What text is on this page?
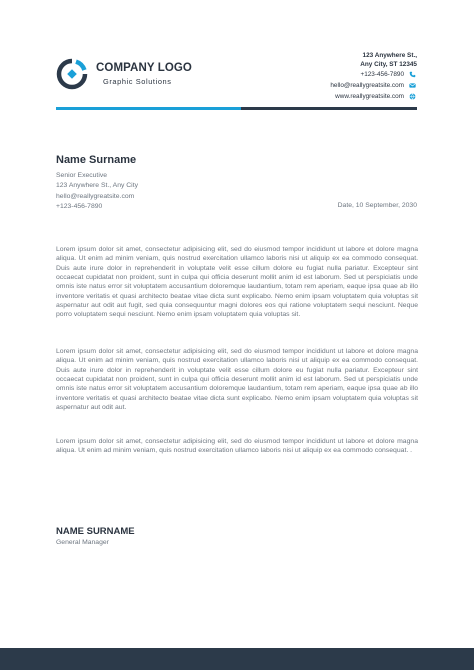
COMPANY LOGO
Graphic Solutions
123 Anywhere St.,
Any City, ST 12345
+123-456-7890
hello@reallygreatsite.com
www.reallygreatsite.com
Name Surname
Senior Executive
123 Anywhere St., Any City
hello@reallygreatsite.com
+123-456-7890	Date, 10 September, 2030

Lorem ipsum dolor sit amet, consectetur adipisicing elit, sed do eiusmod tempor incididunt ut labore et dolore magna aliqua. Ut enim ad minim veniam, quis nostrud exercitation ullamco laboris nisi ut aliquip ex ea commodo consequat. Duis aute irure dolor in reprehenderit in voluptate velit esse cillum dolore eu fugiat nulla pariatur. Excepteur sint occaecat cupidatat non proident, sunt in culpa qui officia deserunt mollit anim id est laborum. Sed ut perspiciatis unde omnis iste natus error sit voluptatem accusantium doloremque laudantium, totam rem aperiam, eaque ipsa quae ab illo inventore veritatis et quasi architecto beatae vitae dicta sunt explicabo. Nemo enim ipsam voluptatem quia voluptas sit aspernatur aut odit aut fugit, sed quia consequuntur magni dolores eos qui ratione voluptatem sequi nesciunt. Neque porro voluptatem sequi nesciunt. Nemo enim ipsam voluptatem quia voluptas sit.

Lorem ipsum dolor sit amet, consectetur adipisicing elit, sed do eiusmod tempor incididunt ut labore et dolore magna aliqua. Ut enim ad minim veniam, quis nostrud exercitation ullamco laboris nisi ut aliquip ex ea commodo consequat. Duis aute irure dolor in reprehenderit in voluptate velit esse cillum dolore eu fugiat nulla pariatur. Excepteur sint occaecat cupidatat non proident, sunt in culpa qui officia deserunt mollit anim id est laborum. Sed ut perspiciatis unde omnis iste natus error sit voluptatem accusantium doloremque laudantium, totam rem aperiam, eaque ipsa quae ab illo inventore veritatis et quasi architecto beatae vitae dicta sunt explicabo. Nemo enim ipsam voluptatem quia voluptas sit aspernatur aut odit aut.

Lorem ipsum dolor sit amet, consectetur adipisicing elit, sed do eiusmod tempor incididunt ut labore et dolore magna aliqua. Ut enim ad minim veniam, quis nostrud exercitation ullamco laboris nisi ut aliquip ex ea commodo consequat. .

NAME SURNAME
General Manager
